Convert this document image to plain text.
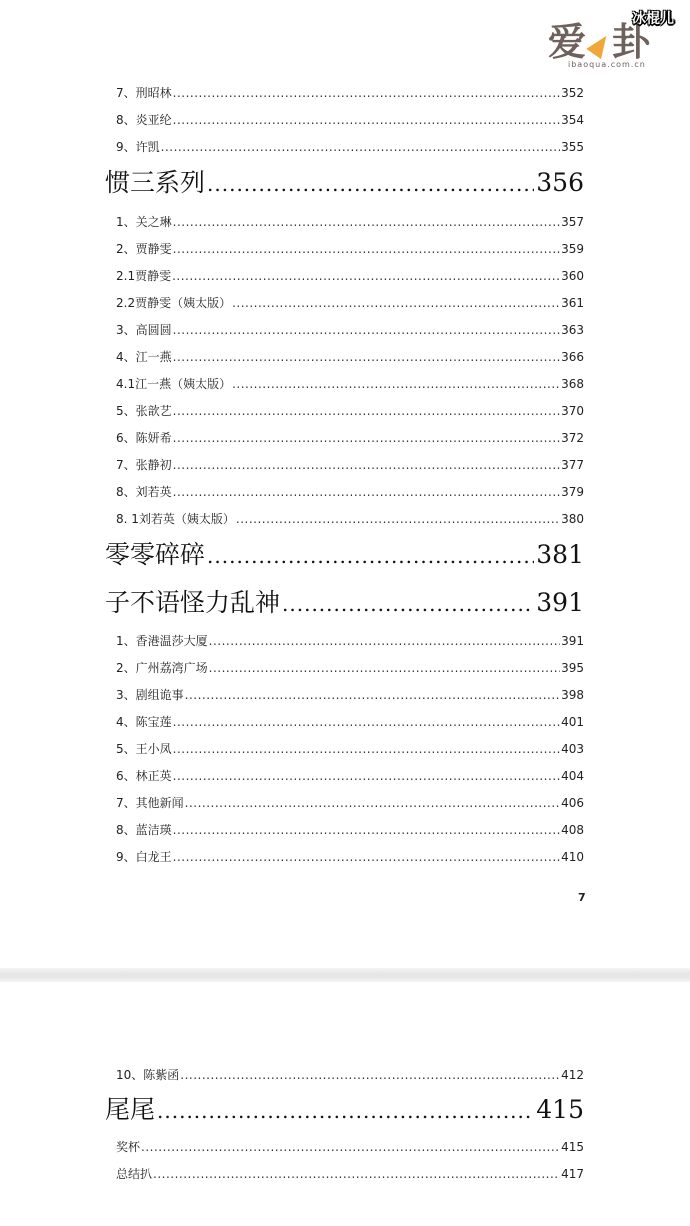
爱 卦
ibaoqua.com.cn
冰棍儿
7、刑昭林 .....	352
8、炎亚纶 .....	354
9、许凯 .....	355
惯三系列 .....	356
1、关之琳 .....	357
2、贾静雯 .....	359
2.1贾静雯 .....	360
2.2贾静雯（姨太版） .....	361
3、高圆圆 .....	363
4、江一燕 .....	366
4.1江一燕（姨太版） .....	368
5、张歆艺 .....	370
6、陈妍希 .....	372
7、张静初 .....	377
8、刘若英 .....	379
8. 1刘若英（姨太版） .....	380
零零碎碎 .....	381
子不语怪力乱神 .....	391
1、香港温莎大厦 .....	391
2、广州荔湾广场 .....	395
3、剧组诡事 .....	398
4、陈宝莲 .....	401
5、王小凤 .....	403
6、林正英 .....	404
7、其他新闻 .....	406
8、蓝洁瑛 .....	408
9、白龙王 .....	410
7
10、陈紫函 .....	412
尾尾 .....	415
奖杯 .....	415
总结扒 .....	417
